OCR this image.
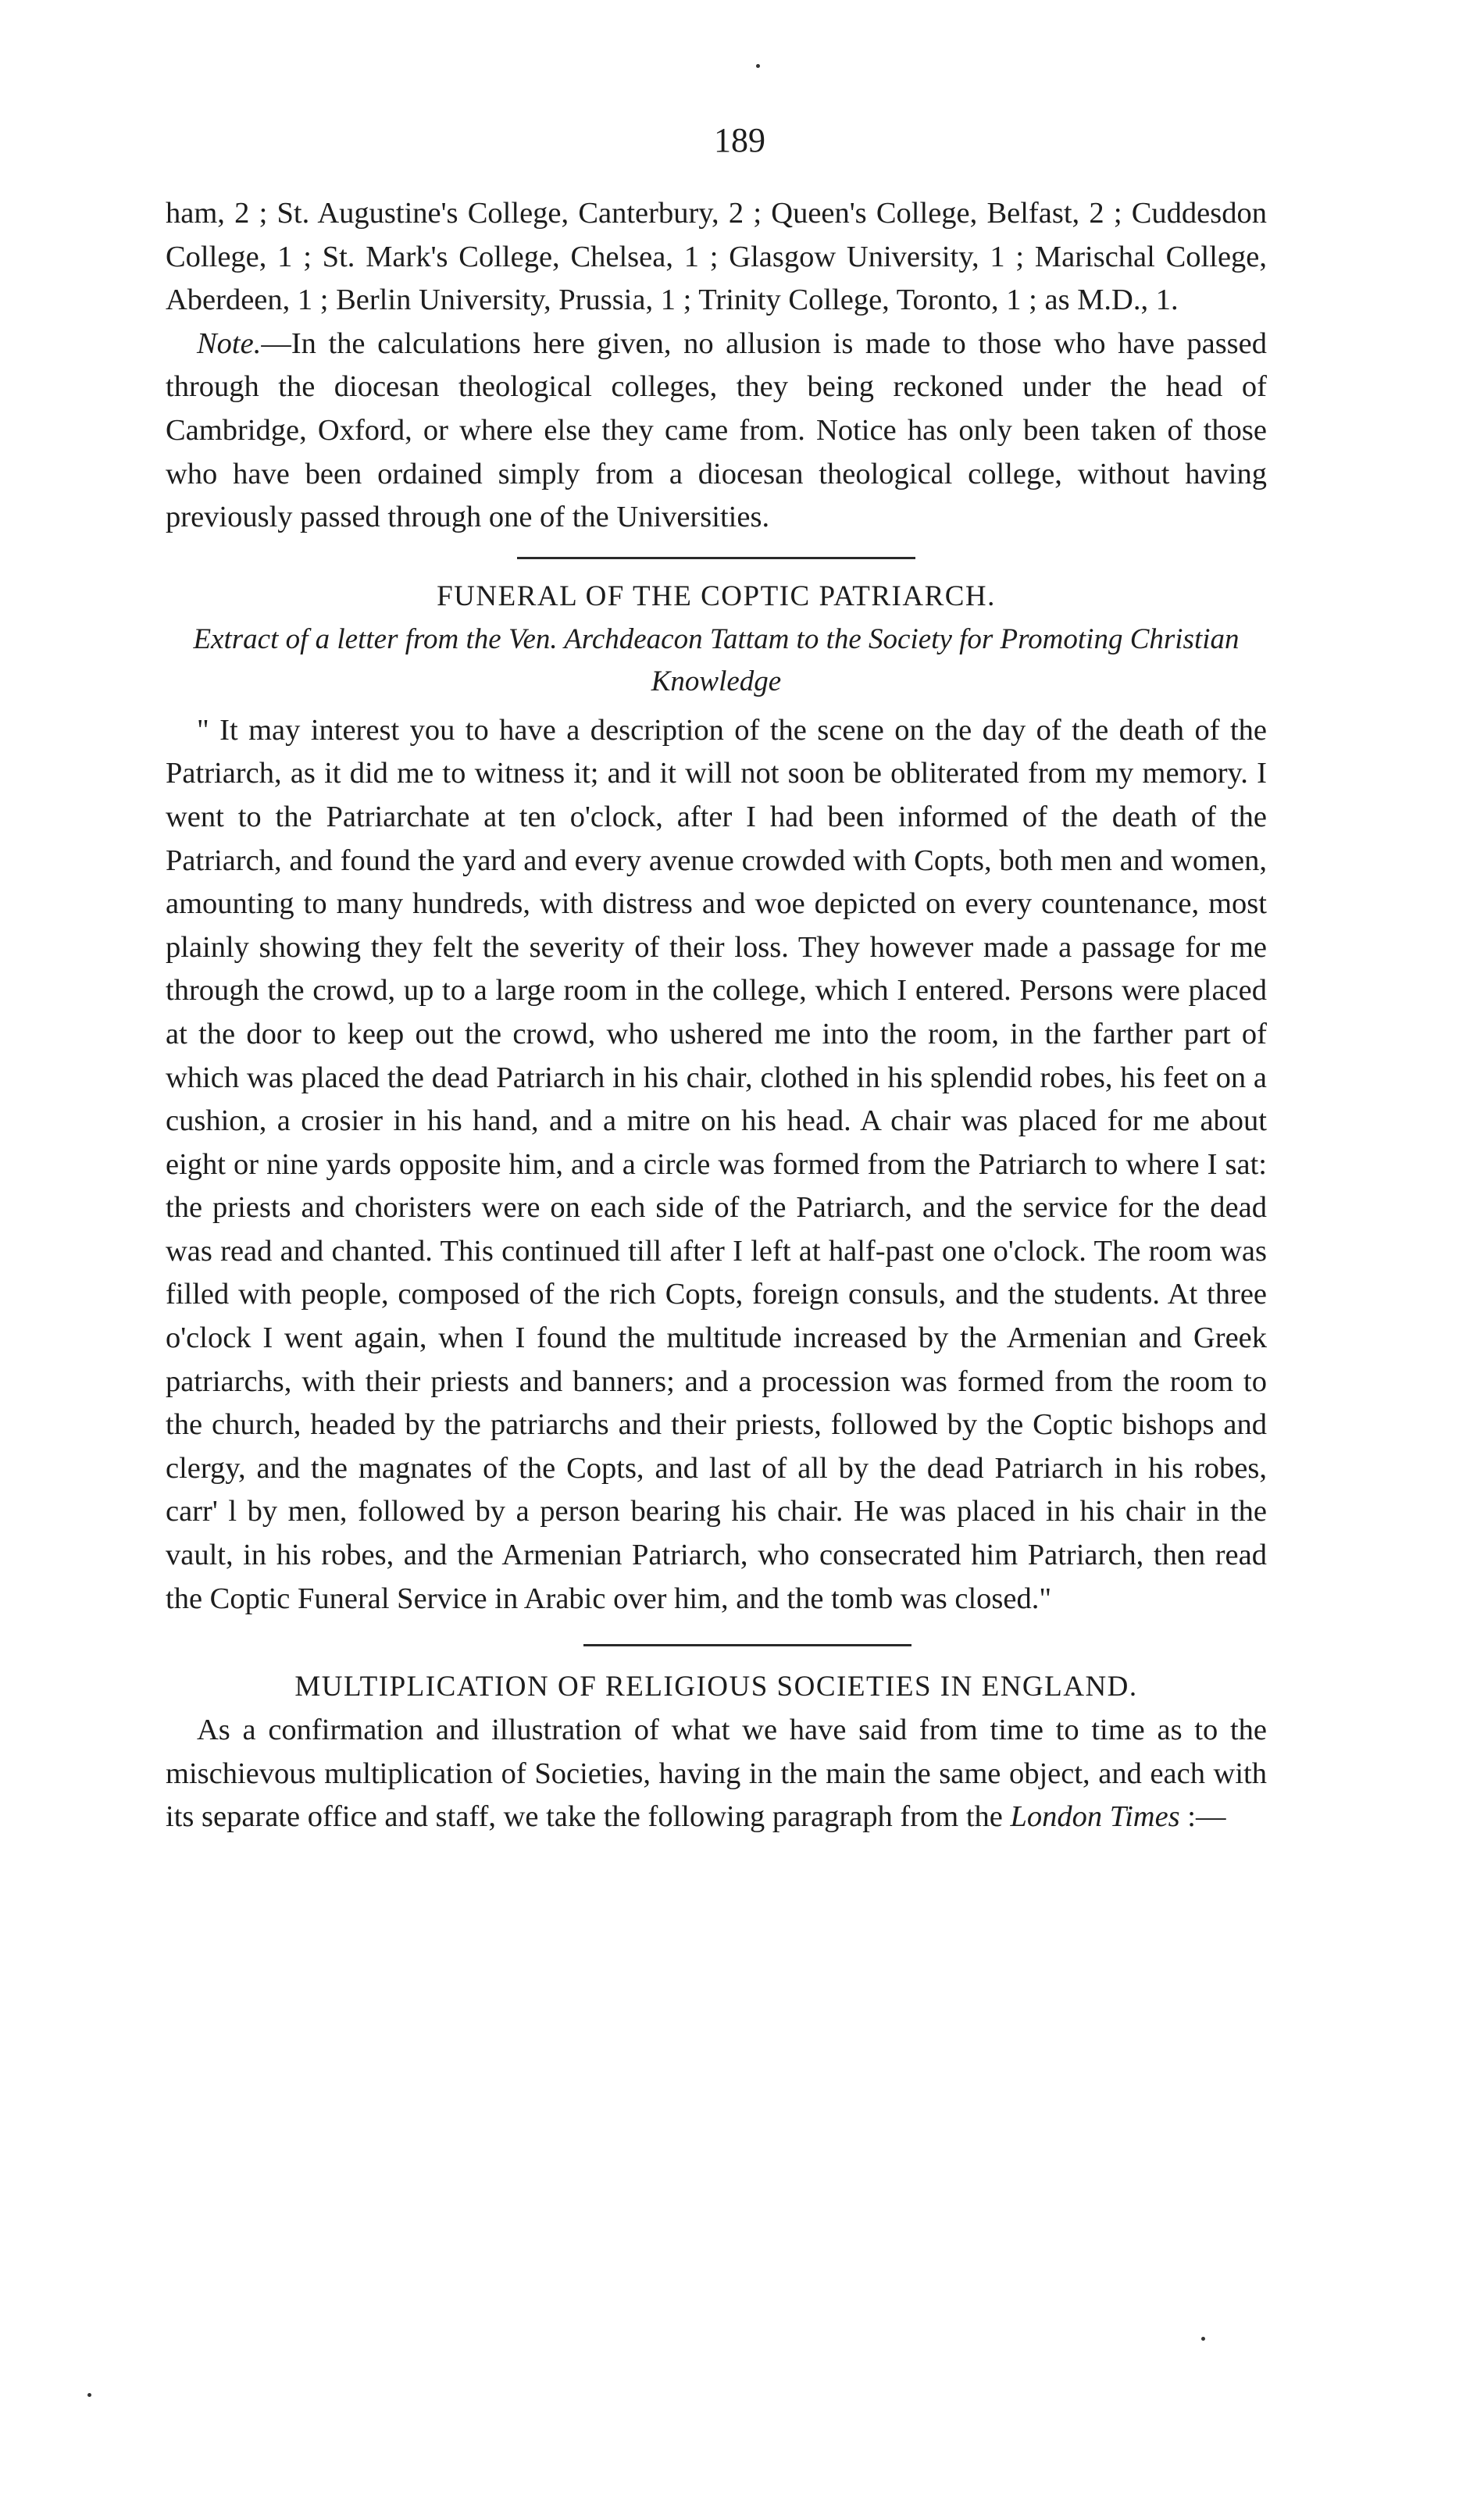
189

ham, 2 ; St. Augustine's College, Canterbury, 2 ; Queen's College, Belfast, 2 ; Cuddesdon College, 1 ; St. Mark's College, Chelsea, 1 ; Glasgow University, 1 ; Marischal College, Aberdeen, 1 ; Berlin University, Prussia, 1 ; Trinity College, Toronto, 1 ; as M.D., 1.

Note.—In the calculations here given, no allusion is made to those who have passed through the diocesan theological colleges, they being reckoned under the head of Cambridge, Oxford, or where else they came from. Notice has only been taken of those who have been ordained simply from a diocesan theological college, without having previously passed through one of the Universities.

FUNERAL OF THE COPTIC PATRIARCH.
Extract of a letter from the Ven. Archdeacon Tattam to the Society for Promoting Christian Knowledge

" It may interest you to have a description of the scene on the day of the death of the Patriarch, as it did me to witness it; and it will not soon be obliterated from my memory. I went to the Patriarchate at ten o'clock, after I had been informed of the death of the Patriarch, and found the yard and every avenue crowded with Copts, both men and women, amounting to many hundreds, with distress and woe depicted on every countenance, most plainly showing they felt the severity of their loss. They however made a passage for me through the crowd, up to a large room in the college, which I entered. Persons were placed at the door to keep out the crowd, who ushered me into the room, in the farther part of which was placed the dead Patriarch in his chair, clothed in his splendid robes, his feet on a cushion, a crosier in his hand, and a mitre on his head. A chair was placed for me about eight or nine yards opposite him, and a circle was formed from the Patriarch to where I sat: the priests and choristers were on each side of the Patriarch, and the service for the dead was read and chanted. This continued till after I left at half-past one o'clock. The room was filled with people, composed of the rich Copts, foreign consuls, and the students. At three o'clock I went again, when I found the multitude increased by the Armenian and Greek patriarchs, with their priests and banners; and a procession was formed from the room to the church, headed by the patriarchs and their priests, followed by the Coptic bishops and clergy, and the magnates of the Copts, and last of all by the dead Patriarch in his robes, carr' l by men, followed by a person bearing his chair. He was placed in his chair in the vault, in his robes, and the Armenian Patriarch, who consecrated him Patriarch, then read the Coptic Funeral Service in Arabic over him, and the tomb was closed."

MULTIPLICATION OF RELIGIOUS SOCIETIES IN ENGLAND.

As a confirmation and illustration of what we have said from time to time as to the mischievous multiplication of Societies, having in the main the same object, and each with its separate office and staff, we take the following paragraph from the London Times :—
